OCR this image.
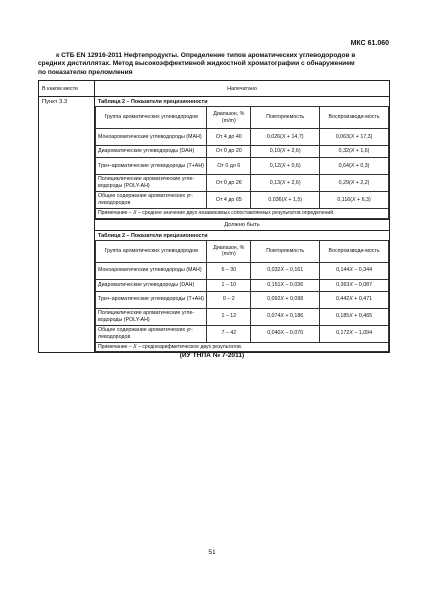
МКС 61.060
к СТБ EN 12916-2011 Нефтепродукты. Определение типов ароматических углеводородов в
средних дистиллятах. Метод высокоэффективной жидкостной хроматографии с обнаружением
по показателю преломления
В каком месте	Напечатано
Пункт 3.3	Таблица 2 – Показатели прецизионности
Группа ароматических углеводородов	Диапазон, % (m/m)	Повторяемость	Воспроизводи-мость
Моноароматические углеводороды (MAH)	От 4 до 40	0,026(X + 14,7)	0,063(X + 17,3)
Диароматические углеводороды (DAH)	От 0 до 20	0,10(X + 2,6)	0,32(X + 1,6)
Три+-ароматические углеводороды (T+AH)	От 0 до 6	0,12(X + 0,6)	0,64(X + 0,3)
Полициклические ароматические угле-водороды (POLY-AH)	От 0 до 26	0,13(X + 2,6)	0,29(X + 2,2)
Общее содержание ароматических уг-леводородов	От 4 до 65	0,036(X + 1,5)	0,116(X + 6,3)
Примечание – X – среднее значение двух независимых сопоставляемых результатов определений.

Должно быть

Таблица 2 – Показатели прецизионности
Группа ароматических углеводородов	Диапазон, % (m/m)	Повторяемость	Воспроизводи-мость
Моноароматические углеводороды (MAH)	6 – 30	0,032X – 0,161	0,144X – 0,344
Диароматические углеводороды (DAH)	1 – 10	0,151X – 0,036	0,363X – 0,087
Три+-ароматические углеводороды (T+AH)	0 – 2	0,092X + 0,098	0,442X + 0,471
Полициклические ароматические угле-водороды (POLY-AH)	1 – 12	0,074X + 0,186	0,185X + 0,465
Общее содержание ароматических уг-леводородов	7 – 42	0,040X – 0,070	0,172X – 1,094
Примечание – X – среднеарифметическое двух результатов.
(ИУ ТНПА № 7-2011)
51
